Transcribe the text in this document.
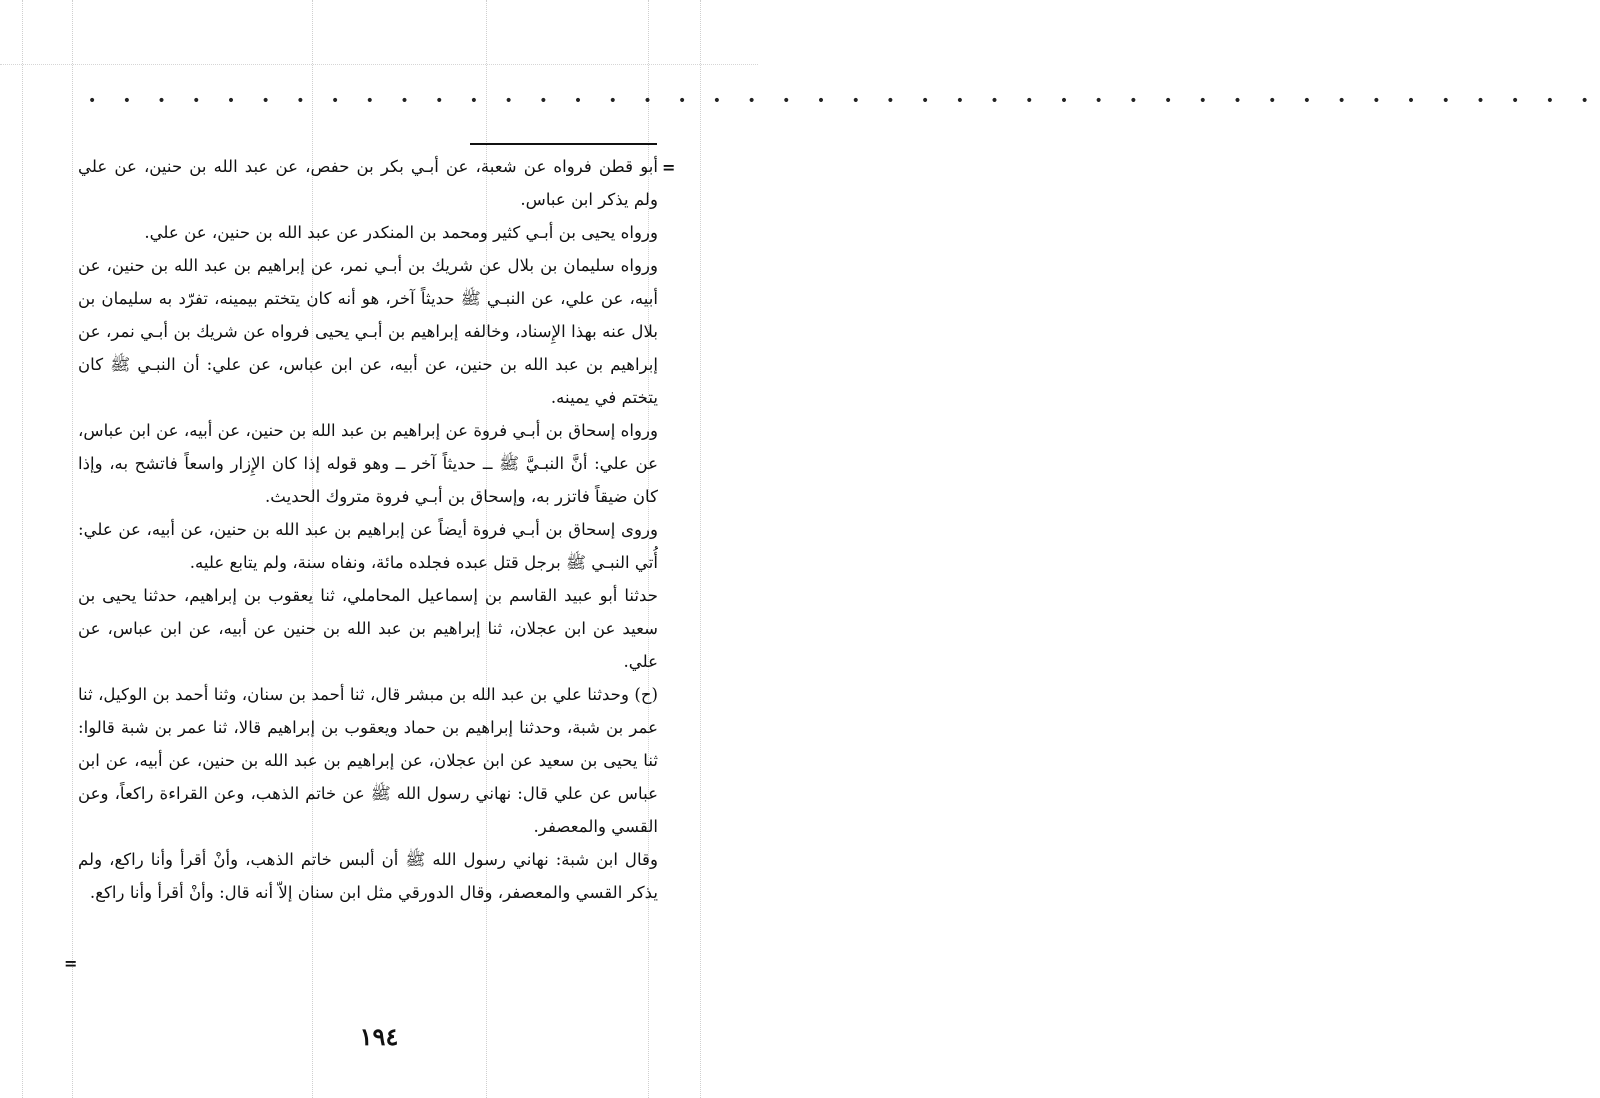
• • • • • • • • • • • • • • • • • • • • • • • • • • • • • • • • • • • • • • • • • • • •
=
=

أبو قطن فرواه عن شعبة، عن أبـي بكر بن حفص، عن عبد الله بن حنين، عن علي ولم يذكر ابن عباس.

ورواه يحيى بن أبـي كثير ومحمد بن المنكدر عن عبد الله بن حنين، عن علي.

ورواه سليمان بن بلال عن شريك بن أبـي نمر، عن إبراهيم بن عبد الله بن حنين، عن أبيه، عن علي، عن النبـي ﷺ حديثاً آخر، هو أنه كان يتختم بيمينه، تفرّد به سليمان بن بلال عنه بهذا الإِسناد، وخالفه إبراهيم بن أبـي يحيى فرواه عن شريك بن أبـي نمر، عن إبراهيم بن عبد الله بن حنين، عن أبيه، عن ابن عباس، عن علي: أن النبـي ﷺ كان يتختم في يمينه.

ورواه إسحاق بن أبـي فروة عن إبراهيم بن عبد الله بن حنين، عن أبيه، عن ابن عباس، عن علي: أنَّ النبـيَّ ﷺ ــ حديثاً آخر ــ وهو قوله إذا كان الإِزار واسعاً فاتشح به، وإذا كان ضيقاً فاتزر به، وإسحاق بن أبـي فروة متروك الحديث.

وروى إسحاق بن أبـي فروة أيضاً عن إبراهيم بن عبد الله بن حنين، عن أبيه، عن علي: أُتي النبـي ﷺ برجل قتل عبده فجلده مائة، ونفاه سنة، ولم يتابع عليه.

حدثنا أبو عبيد القاسم بن إسماعيل المحاملي، ثنا يعقوب بن إبراهيم، حدثنا يحيى بن سعيد عن ابن عجلان، ثنا إبراهيم بن عبد الله بن حنين عن أبيه، عن ابن عباس، عن علي.

(ح) وحدثنا علي بن عبد الله بن مبشر قال، ثنا أحمد بن سنان، وثنا أحمد بن الوكيل، ثنا عمر بن شبة، وحدثنا إبراهيم بن حماد ويعقوب بن إبراهيم قالا، ثنا عمر بن شبة قالوا: ثنا يحيى بن سعيد عن ابن عجلان، عن إبراهيم بن عبد الله بن حنين، عن أبيه، عن ابن عباس عن علي قال: نهاني رسول الله ﷺ عن خاتم الذهب، وعن القراءة راكعاً، وعن القسي والمعصفر.

وقال ابن شبة: نهاني رسول الله ﷺ أن ألبس خاتم الذهب، وأنْ أقرأ وأنا راكع، ولم يذكر القسي والمعصفر، وقال الدورقي مثل ابن سنان إلاّ أنه قال: وأنْ أقرأ وأنا راكع.

١٩٤
